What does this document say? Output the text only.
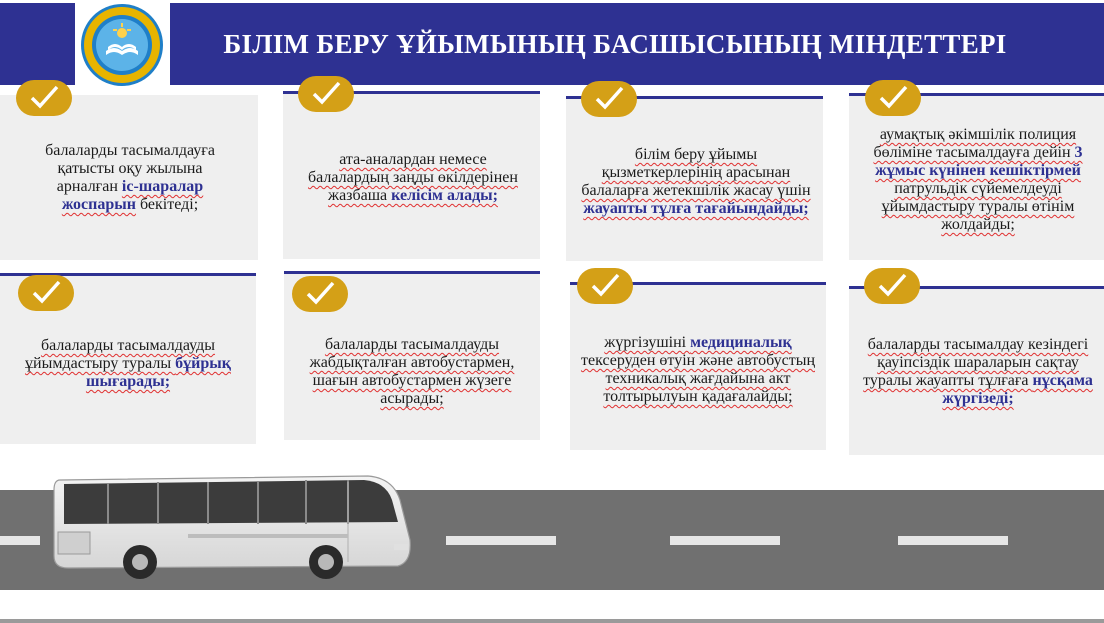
БІЛІМ БЕРУ ҰЙЫМЫНЫҢ БАСШЫСЫНЫҢ МІНДЕТТЕРІ
балаларды тасымалдауға қатысты оқу жылына арналған іс-шаралар жоспарын бекітеді;
ата-аналардан немесе балалардың заңды өкілдерінен жазбаша келісім алады;
білім беру ұйымы қызметкерлерінің арасынан балаларға жетекшілік жасау үшін жауапты тұлға тағайындайды;
аумақтық әкімшілік полиция бөліміне тасымалдауға дейін 3 жұмыс күнінен кешіктірмей патрульдік сүйемелдеуді ұйымдастыру туралы өтінім жолдайды;
балаларды тасымалдауды ұйымдастыру туралы бұйрық шығарады;
балаларды тасымалдауды жабдықталған автобустармен, шағын автобустармен жүзеге асырады;
жүргізушіні медициналық тексеруден өтуін және автобустың техникалық жағдайына акт толтырылуын қадағалайды;
балаларды тасымалдау кезіндегі қауіпсіздік шараларын сақтау туралы жауапты тұлғаға нұсқама жүргізеді;
